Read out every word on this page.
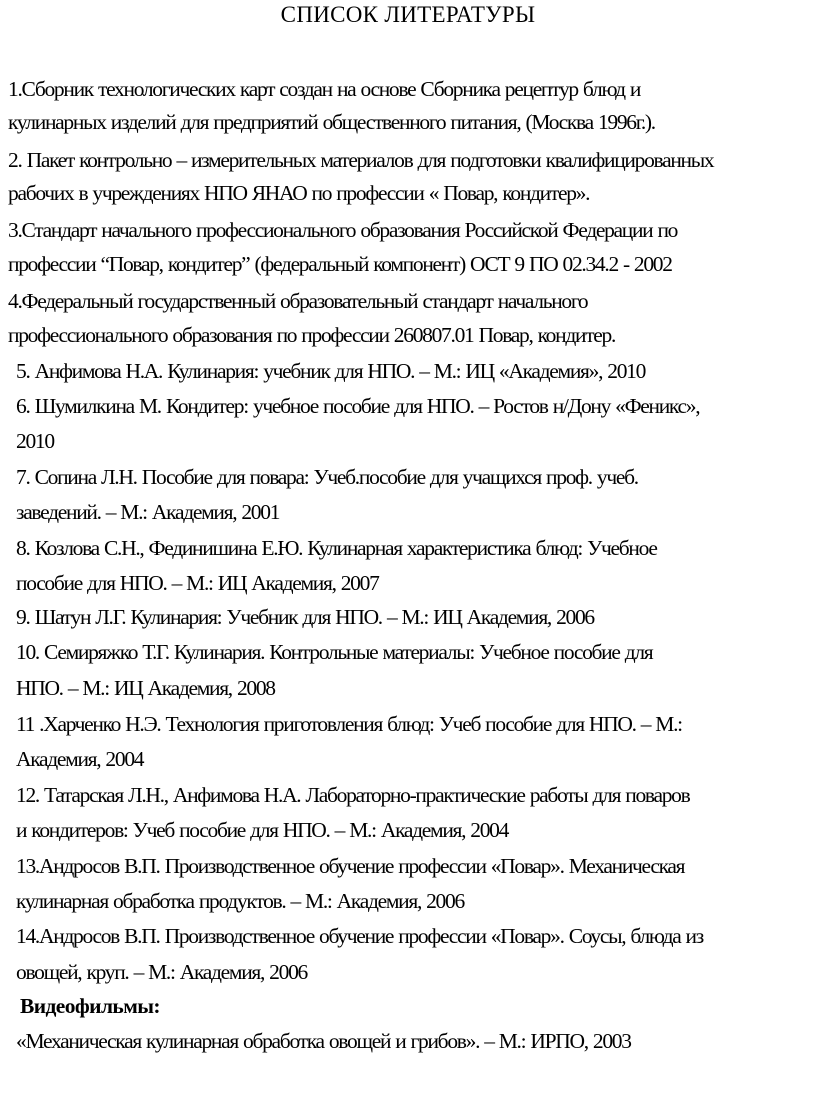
СПИСОК ЛИТЕРАТУРЫ
1.Сборник технологических карт создан на основе Сборника рецептур блюд и
кулинарных изделий для предприятий общественного питания, (Москва 1996г.).
2. Пакет контрольно – измерительных материалов для подготовки квалифицированных
рабочих в учреждениях НПО ЯНАО по профессии « Повар, кондитер».
3.Стандарт начального профессионального образования Российской Федерации по
профессии “Повар, кондитер” (федеральный компонент) ОСТ 9 ПО 02.34.2 - 2002
4.Федеральный государственный образовательный стандарт начального
профессионального образования по профессии 260807.01 Повар, кондитер.
5. Анфимова Н.А. Кулинария: учебник для НПО. – М.: ИЦ «Академия», 2010
6. Шумилкина М. Кондитер: учебное пособие для НПО. – Ростов н/Дону «Феникс»,
2010
7. Сопина Л.Н. Пособие для повара: Учеб.пособие для учащихся проф. учеб.
заведений. – М.: Академия, 2001
8. Козлова С.Н., Фединишина Е.Ю. Кулинарная характеристика блюд: Учебное
пособие для НПО. – М.: ИЦ Академия, 2007
9. Шатун Л.Г. Кулинария: Учебник для НПО. – М.: ИЦ Академия, 2006
10. Семиряжко Т.Г. Кулинария. Контрольные материалы: Учебное пособие для
НПО. – М.: ИЦ Академия, 2008
11 .Харченко Н.Э. Технология приготовления блюд: Учеб пособие для НПО. – М.:
Академия, 2004
12. Татарская Л.Н., Анфимова Н.А. Лабораторно-практические работы для поваров
и кондитеров: Учеб пособие для НПО. – М.: Академия, 2004
13.Андросов В.П. Производственное обучение профессии «Повар». Механическая
кулинарная обработка продуктов. – М.: Академия, 2006
14.Андросов В.П. Производственное обучение профессии «Повар». Соусы, блюда из
овощей, круп. – М.: Академия, 2006
Видеофильмы:
«Механическая кулинарная обработка овощей и грибов». – М.: ИРПО, 2003
